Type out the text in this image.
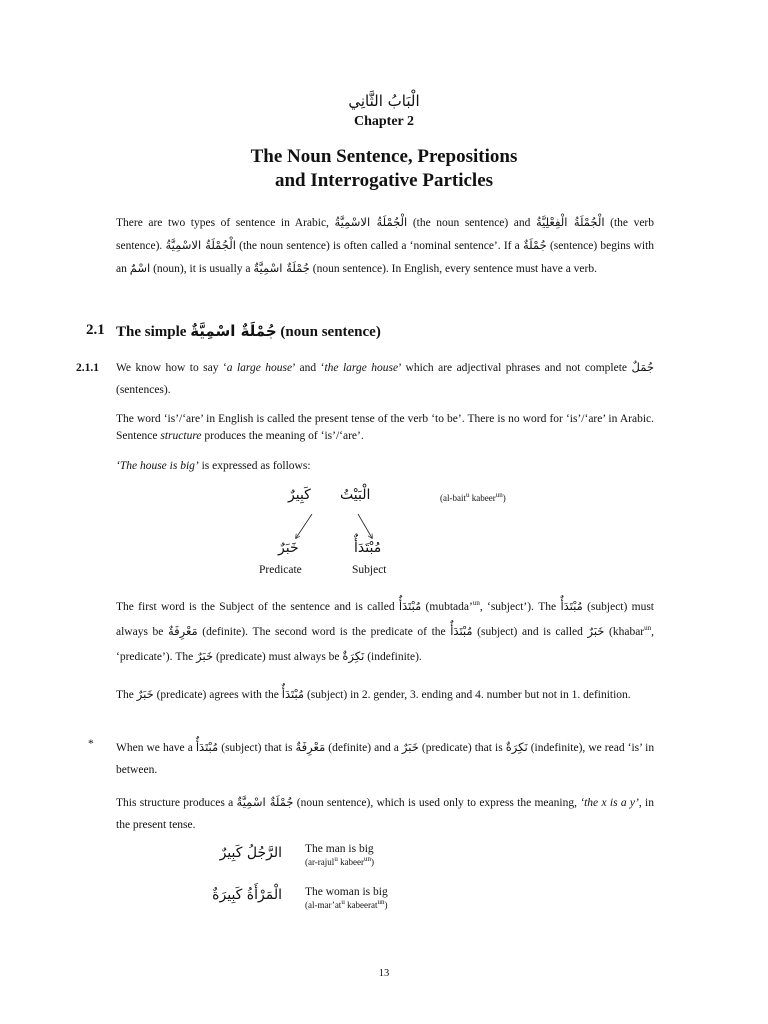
الْبَابُ الثَّانِي
Chapter 2
The Noun Sentence, Prepositions
and Interrogative Particles

There are two types of sentence in Arabic, الْجُمْلَةُ الاسْمِيَّةُ (the noun sentence) and الْجُمْلَةُ الْفِعْلِيَّةُ (the verb sentence). الْجُمْلَةُ الاسْمِيَّةُ (the noun sentence) is often called a ‘nominal sentence’. If a جُمْلَةٌ (sentence) begins with an اسْمٌ (noun), it is usually a جُمْلَةٌ اسْمِيَّةٌ (noun sentence). In English, every sentence must have a verb.

2.1 The simple جُمْلَةٌ اسْمِيَّةٌ (noun sentence)
2.1.1 We know how to say ‘a large house’ and ‘the large house’ which are adjectival phrases and not complete جُمَلٌ (sentences).

The word ‘is’/‘are’ in English is called the present tense of the verb ‘to be’. There is no word for ‘is’/‘are’ in Arabic. Sentence structure produces the meaning of ‘is’/‘are’.

‘The house is big’ is expressed as follows:

كَبِيرٌ الْبَيْتُ	(al-bait$^u$ kabeer$^{un}$)
خَبَرٌ	مُبْتَدَأٌ
Predicate	Subject

The first word is the Subject of the sentence and is called مُبْتَدَأٌ (mubtada’$^{un}$, ‘subject’). The مُبْتَدَأٌ (subject) must always be مَعْرِفَةٌ (definite). The second word is the predicate of the مُبْتَدَأٌ (subject) and is called خَبَرٌ (khabar$^{un}$, ‘predicate’). The خَبَرٌ (predicate) must always be نَكِرَةٌ (indefinite).

The خَبَرٌ (predicate) agrees with the مُبْتَدَأٌ (subject) in 2. gender, 3. ending and 4. number but not in 1. definition.

* When we have a مُبْتَدَأٌ (subject) that is مَعْرِفَةٌ (definite) and a خَبَرٌ (predicate) that is نَكِرَةٌ (indefinite), we read ‘is’ in between.

This structure produces a جُمْلَةٌ اسْمِيَّةٌ (noun sentence), which is used only to express the meaning, ‘the x is a y’, in the present tense.

الرَّجُلُ كَبِيرٌ The man is big
(ar-rajul$^u$ kabeer$^{un}$)
الْمَرْأَةُ كَبِيرَةٌ The woman is big
($al-mar’at^u$ kabeerat$^{un}$)
13
